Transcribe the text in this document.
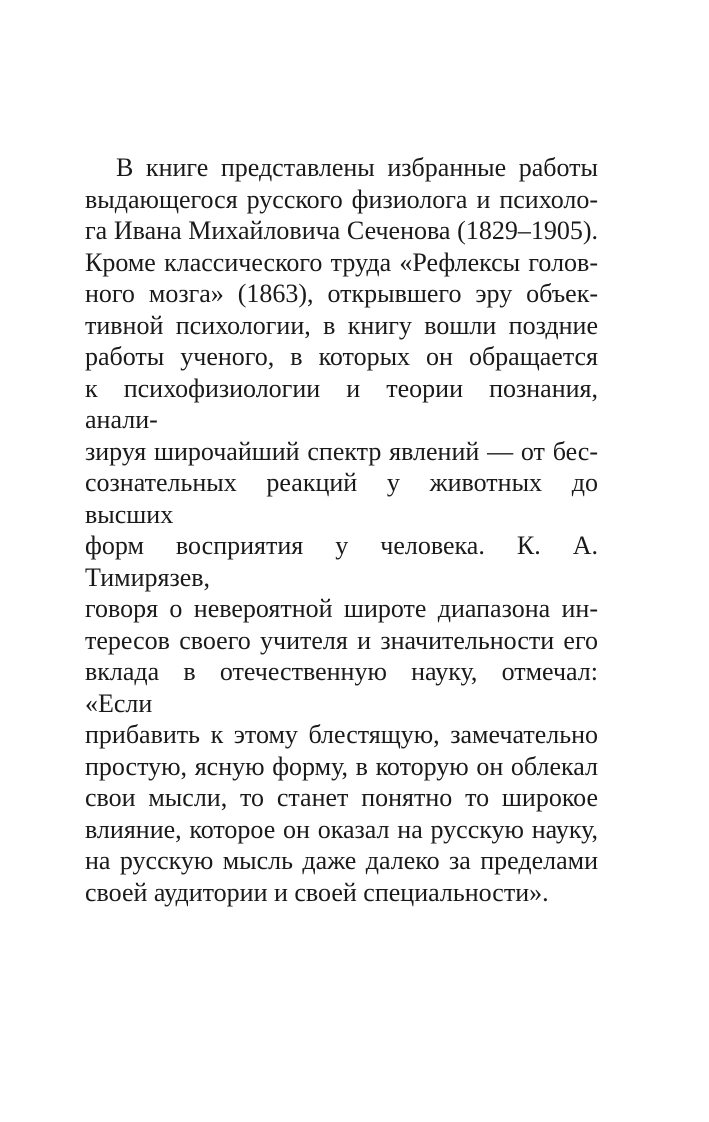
В книге представлены избранные работы
выдающегося русского физиолога и психоло-
га Ивана Михайловича Сеченова (1829–1905).
Кроме классического труда «Рефлексы голов-
ного мозга» (1863), открывшего эру объек-
тивной психологии, в книгу вошли поздние
работы ученого, в которых он обращается
к психофизиологии и теории познания, анали-
зируя широчайший спектр явлений — от бес-
сознательных реакций у животных до высших
форм восприятия у человека. К. А. Тимирязев,
говоря о невероятной широте диапазона ин-
тересов своего учителя и значительности его
вклада в отечественную науку, отмечал: «Если
прибавить к этому блестящую, замечательно
простую, ясную форму, в которую он облекал
свои мысли, то станет понятно то широкое
влияние, которое он оказал на русскую науку,
на русскую мысль даже далеко за пределами
своей аудитории и своей специальности».
